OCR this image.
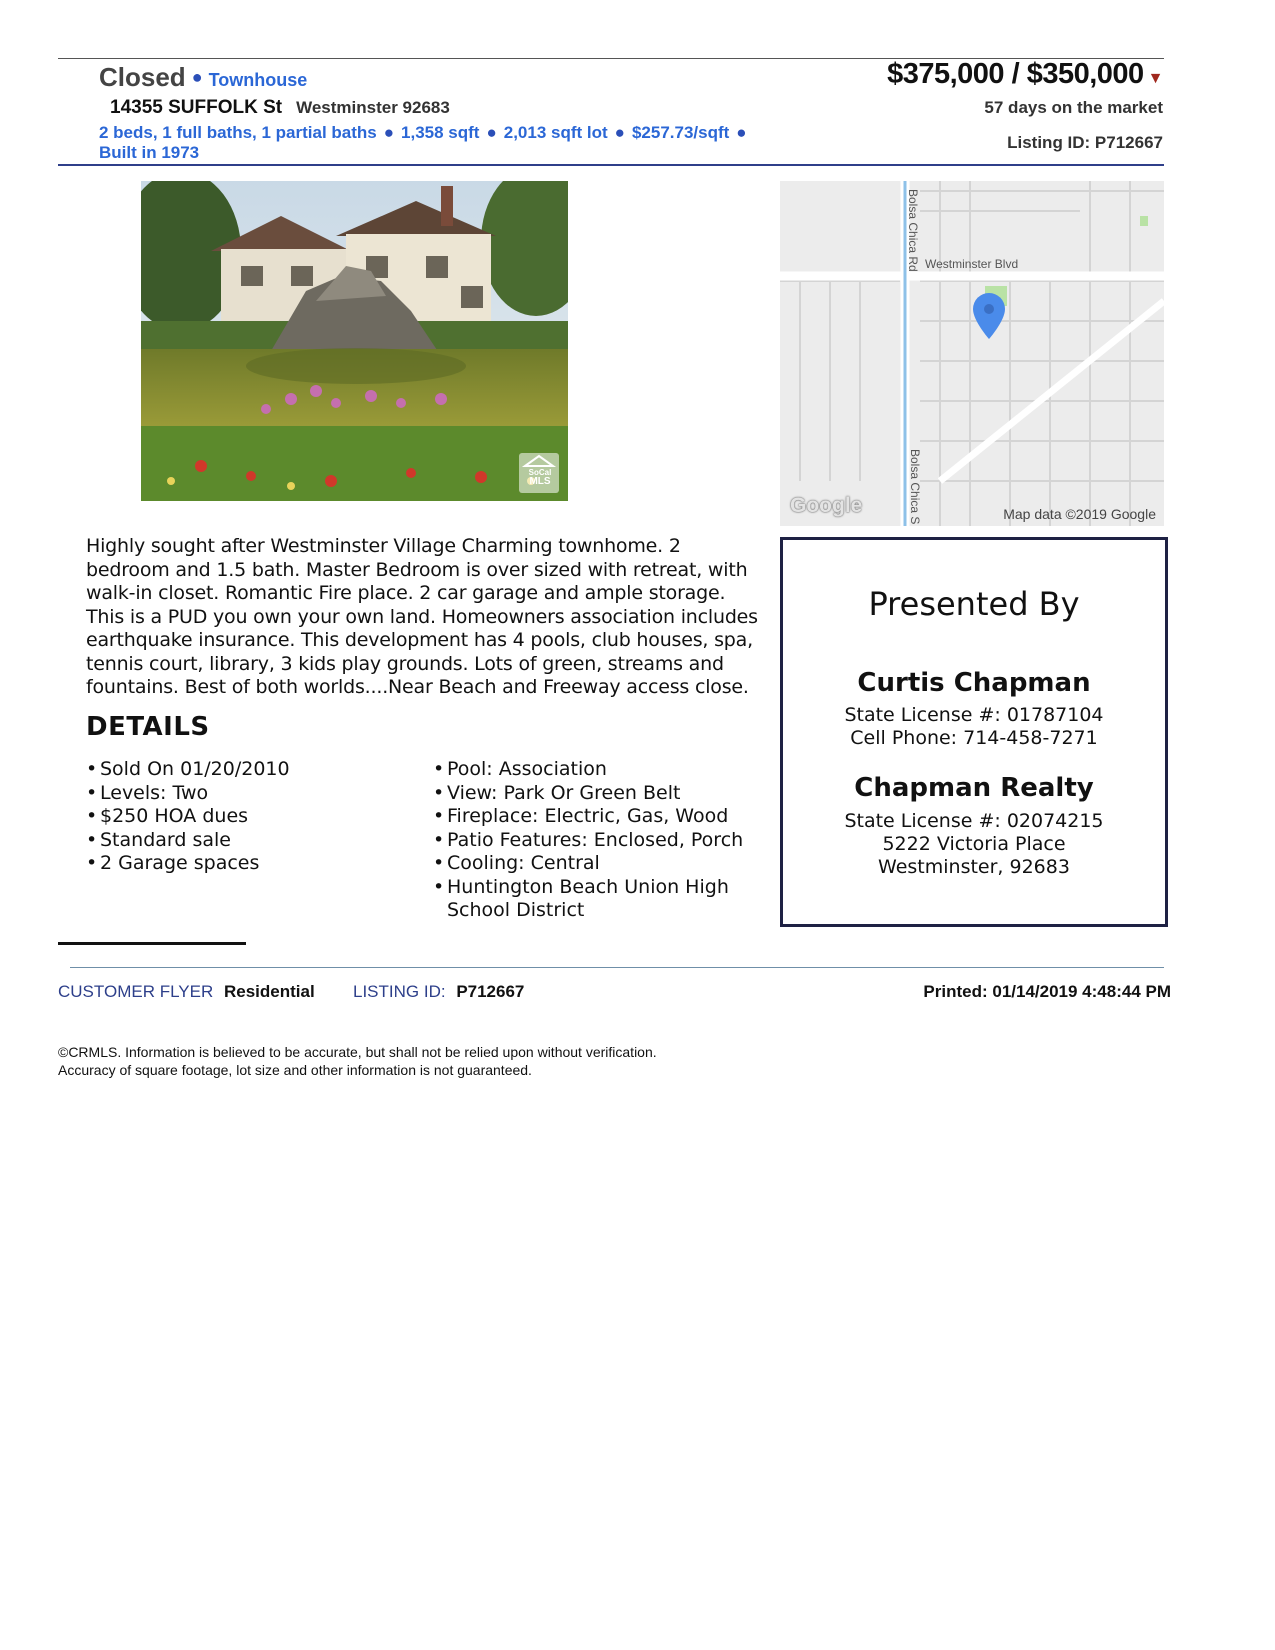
Closed ● Townhouse
14355 SUFFOLK St Westminster 92683
2 beds, 1 full baths, 1 partial baths ● 1,358 sqft ● 2,013 sqft lot ● $257.73/sqft ●
Built in 1973
$375,000 / $350,000 ▼
57 days on the market
Listing ID: P712667
SoCal
MLS
Bolsa Chica Rd
Bolsa Chica S
Westminster Blvd
Google	Map data ©2019 Google
Highly sought after Westminster Village Charming townhome. 2 bedroom and 1.5 bath. Master Bedroom is over sized with retreat, with walk-in closet. Romantic Fire place. 2 car garage and ample storage. This is a PUD you own your own land. Homeowners association includes earthquake insurance. This development has 4 pools, club houses, spa, tennis court, library, 3 kids play grounds. Lots of green, streams and fountains. Best of both worlds....Near Beach and Freeway access close.
DETAILS
• Sold On 01/20/2010
• Levels: Two
• $250 HOA dues
• Standard sale
• 2 Garage spaces
• Pool: Association
• View: Park Or Green Belt
• Fireplace: Electric, Gas, Wood
• Patio Features: Enclosed, Porch
• Cooling: Central
• Huntington Beach Union High School District
Presented By
Curtis Chapman
State License #: 01787104
Cell Phone: 714-458-7271
Chapman Realty
State License #: 02074215
5222 Victoria Place
Westminster, 92683
CUSTOMER FLYER Residential LISTING ID: P712667	Printed: 01/14/2019 4:48:44 PM
©CRMLS. Information is believed to be accurate, but shall not be relied upon without verification.
Accuracy of square footage, lot size and other information is not guaranteed.
